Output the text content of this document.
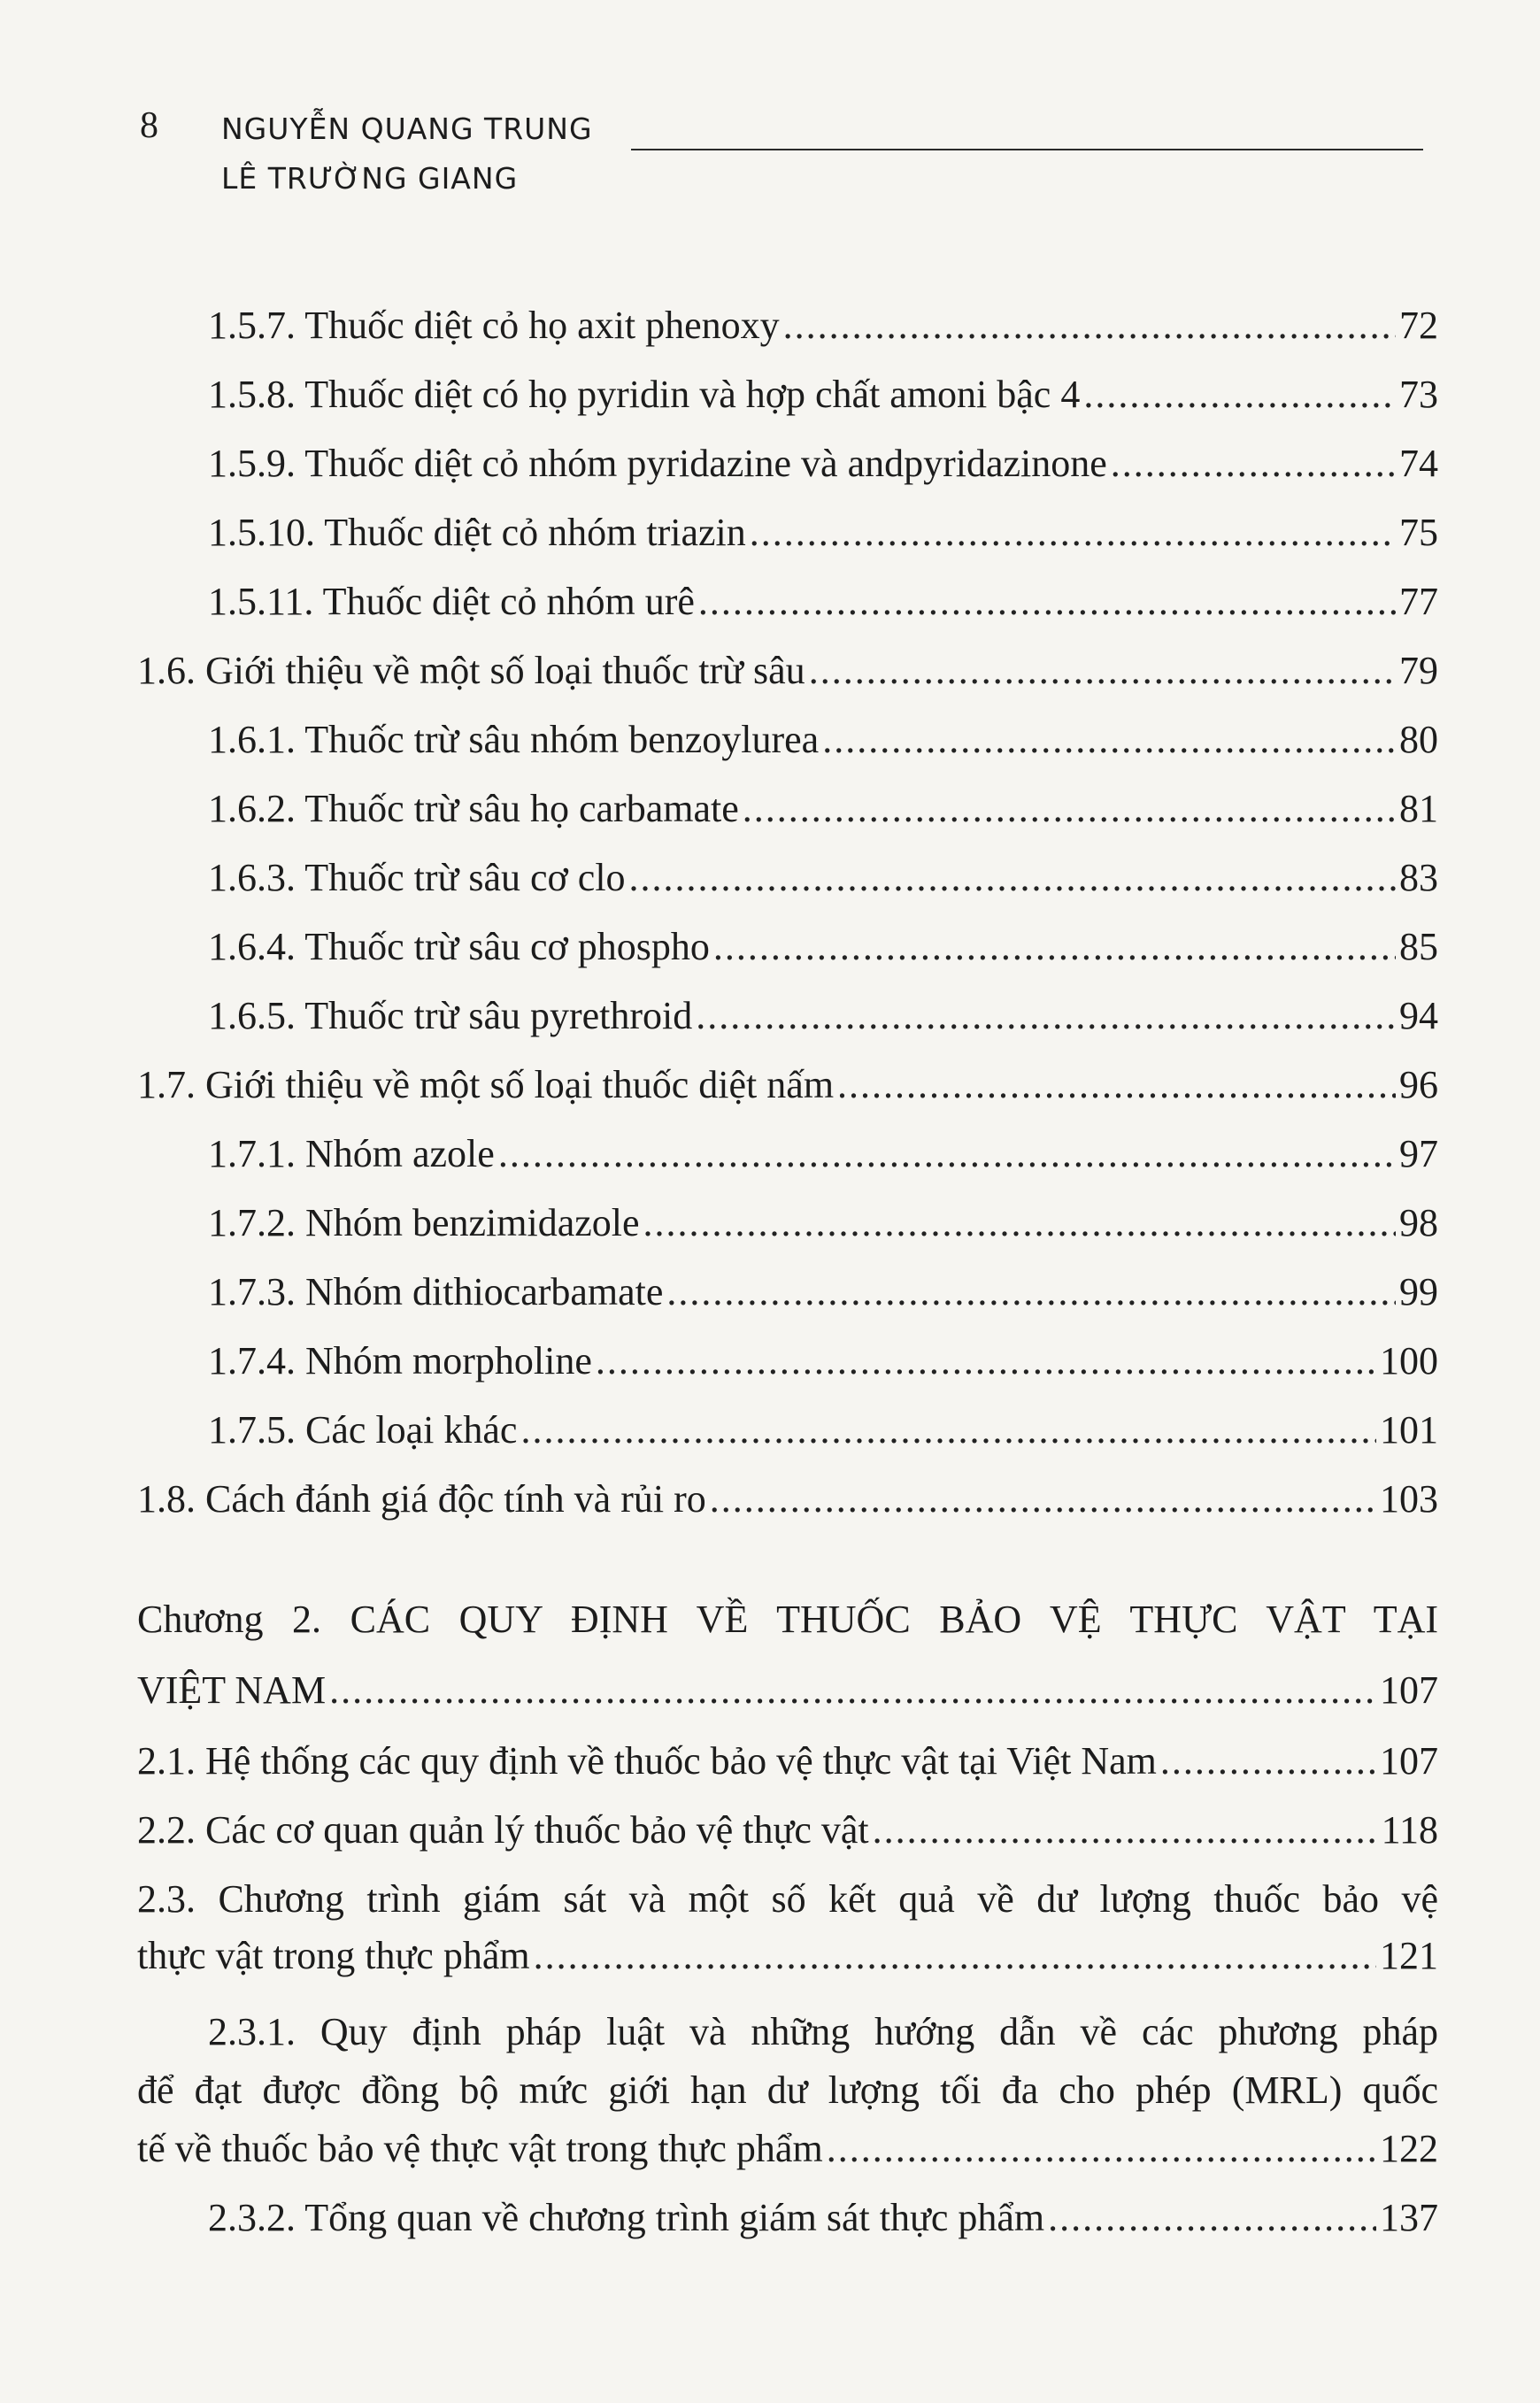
8 NGUYỄN QUANG TRUNG
LÊ TRƯỜNG GIANG
1.5.7. Thuốc diệt cỏ họ axit phenoxy .....	72
1.5.8. Thuốc diệt có họ pyridin và hợp chất amoni bậc 4 .....	73
1.5.9. Thuốc diệt cỏ nhóm pyridazine và andpyridazinone .....	74
1.5.10. Thuốc diệt cỏ nhóm triazin .....	75
1.5.11. Thuốc diệt cỏ nhóm urê .....	77
1.6. Giới thiệu về một số loại thuốc trừ sâu .....	79
1.6.1. Thuốc trừ sâu nhóm benzoylurea .....	80
1.6.2. Thuốc trừ sâu họ carbamate .....	81
1.6.3. Thuốc trừ sâu cơ clo .....	83
1.6.4. Thuốc trừ sâu cơ phospho .....	85
1.6.5. Thuốc trừ sâu pyrethroid .....	94
1.7. Giới thiệu về một số loại thuốc diệt nấm .....	96
1.7.1. Nhóm azole .....	97
1.7.2. Nhóm benzimidazole .....	98
1.7.3. Nhóm dithiocarbamate .....	99
1.7.4. Nhóm morpholine .....	100
1.7.5. Các loại khác .....	101
1.8. Cách đánh giá độc tính và rủi ro .....	103
Chương 2. CÁC QUY ĐỊNH VỀ THUỐC BẢO VỆ THỰC VẬT TẠI
VIỆT NAM .....	107
2.1. Hệ thống các quy định về thuốc bảo vệ thực vật tại Việt Nam .....	107
2.2. Các cơ quan quản lý thuốc bảo vệ thực vật .....	118
2.3. Chương trình giám sát và một số kết quả về dư lượng thuốc bảo vệ
thực vật trong thực phẩm .....	121
2.3.1. Quy định pháp luật và những hướng dẫn về các phương pháp
để đạt được đồng bộ mức giới hạn dư lượng tối đa cho phép (MRL) quốc
tế về thuốc bảo vệ thực vật trong thực phẩm .....	122
2.3.2. Tổng quan về chương trình giám sát thực phẩm .....	137
